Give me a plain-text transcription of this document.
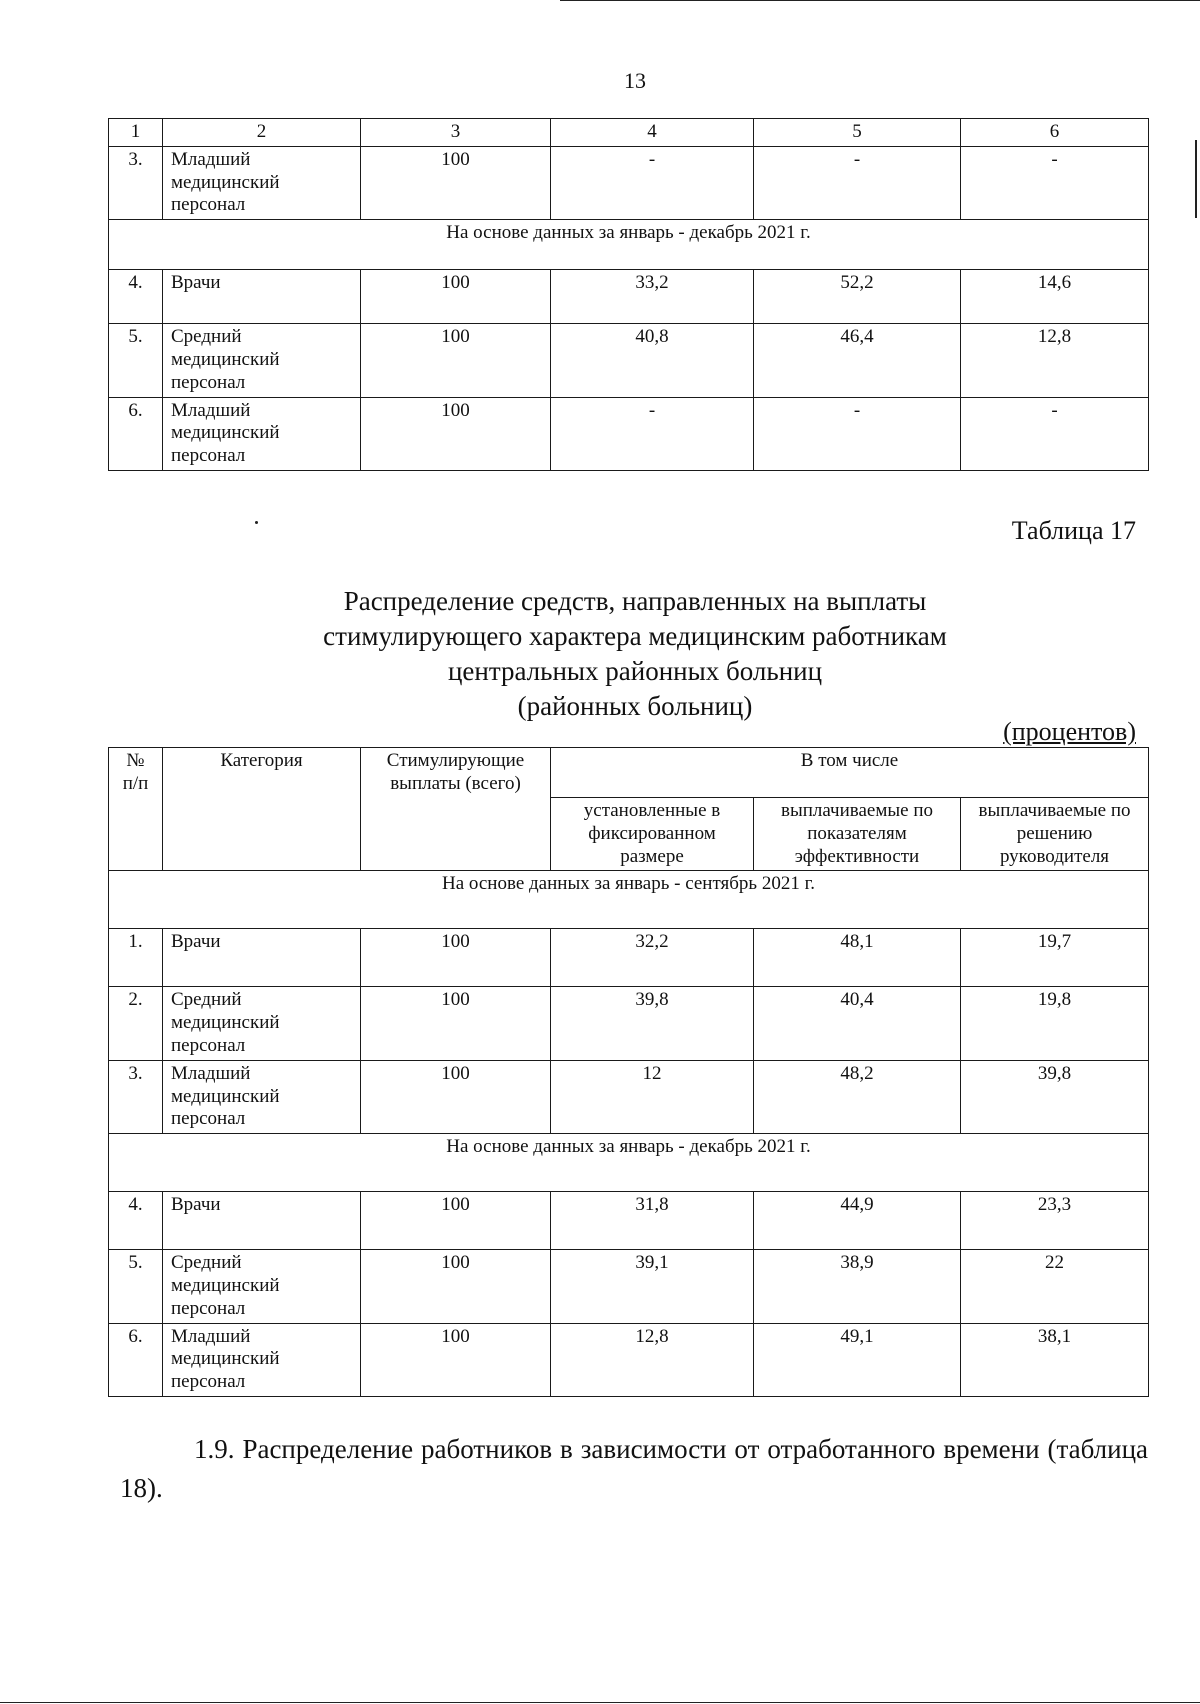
13
1	2	3	4	5	6
3.	Младший медицинский персонал	100	-	-	-
На основе данных за январь - декабрь 2021 г.					
4.	Врачи	100	33,2	52,2	14,6
5.	Средний медицинский персонал	100	40,8	46,4	12,8
6.	Младший медицинский персонал	100	-	-	-
Таблица 17
Распределение средств, направленных на выплаты
стимулирующего характера медицинским работникам
центральных районных больниц
(районных больниц)
(процентов)
№ п/п	Категория	Стимулирующие выплаты (всего)	В том числе		
			установленные в фиксированном размере	выплачиваемые по показателям эффективности	выплачиваемые по решению руководителя
На основе данных за январь - сентябрь 2021 г.					
1.	Врачи	100	32,2	48,1	19,7
2.	Средний медицинский персонал	100	39,8	40,4	19,8
3.	Младший медицинский персонал	100	12	48,2	39,8
На основе данных за январь - декабрь 2021 г.					
4.	Врачи	100	31,8	44,9	23,3
5.	Средний медицинский персонал	100	39,1	38,9	22
6.	Младший медицинский персонал	100	12,8	49,1	38,1
1.9. Распределение работников в зависимости от отработанного времени (таблица 18).
